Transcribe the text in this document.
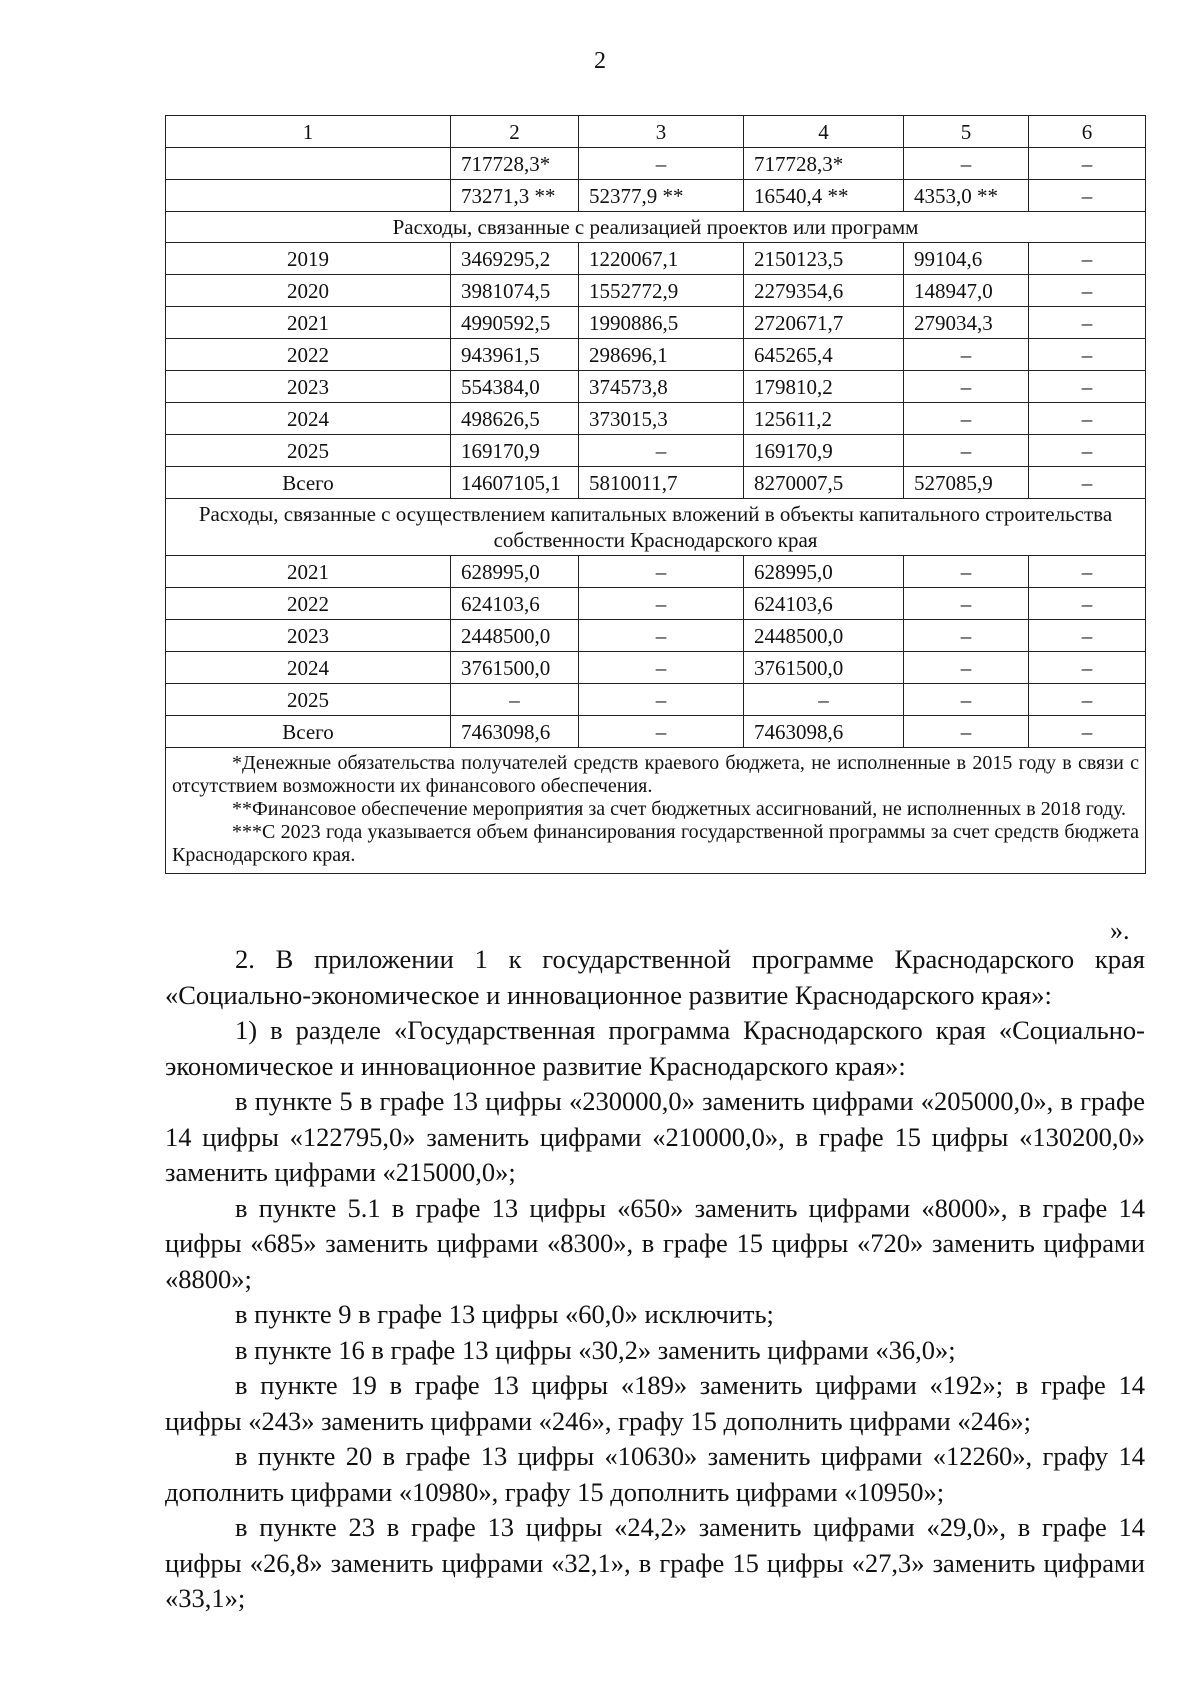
2
1	2	3	4	5	6
	717728,3*	–	717728,3*	–	–
	73271,3 **	52377,9 **	16540,4 **	4353,0 **	–
Расходы, связанные с реализацией проектов или программ					
2019	3469295,2	1220067,1	2150123,5	99104,6	–
2020	3981074,5	1552772,9	2279354,6	148947,0	–
2021	4990592,5	1990886,5	2720671,7	279034,3	–
2022	943961,5	298696,1	645265,4	–	–
2023	554384,0	374573,8	179810,2	–	–
2024	498626,5	373015,3	125611,2	–	–
2025	169170,9	–	169170,9	–	–
Всего	14607105,1	5810011,7	8270007,5	527085,9	–
Расходы, связанные с осуществлением капитальных вложений в объекты капитального строительства собственности Краснодарского края					
2021	628995,0	–	628995,0	–	–
2022	624103,6	–	624103,6	–	–
2023	2448500,0	–	2448500,0	–	–
2024	3761500,0	–	3761500,0	–	–
2025	–	–	–	–	–
Всего	7463098,6	–	7463098,6	–	–

*Денежные обязательства получателей средств краевого бюджета, не исполненные в 2015 году в связи с отсутствием возможности их финансового обеспечения.

**Финансовое обеспечение мероприятия за счет бюджетных ассигнований, не исполненных в 2018 году.

***С 2023 года указывается объем финансирования государственной программы за счет средств бюджета Краснодарского края.					

».

2. В приложении 1 к государственной программе Краснодарского края «Социально-экономическое и инновационное развитие Краснодарского края»:

1) в разделе «Государственная программа Краснодарского края «Социально-экономическое и инновационное развитие Краснодарского края»:

в пункте 5 в графе 13 цифры «230000,0» заменить цифрами «205000,0», в графе 14 цифры «122795,0» заменить цифрами «210000,0», в графе 15 цифры «130200,0» заменить цифрами «215000,0»;

в пункте 5.1 в графе 13 цифры «650» заменить цифрами «8000», в графе 14 цифры «685» заменить цифрами «8300», в графе 15 цифры «720» заменить цифрами «8800»;

в пункте 9 в графе 13 цифры «60,0» исключить;

в пункте 16 в графе 13 цифры «30,2» заменить цифрами «36,0»;

в пункте 19 в графе 13 цифры «189» заменить цифрами «192»; в графе 14 цифры «243» заменить цифрами «246», графу 15 дополнить цифрами «246»;

в пункте 20 в графе 13 цифры «10630» заменить цифрами «12260», графу 14 дополнить цифрами «10980», графу 15 дополнить цифрами «10950»;

в пункте 23 в графе 13 цифры «24,2» заменить цифрами «29,0», в графе 14 цифры «26,8» заменить цифрами «32,1», в графе 15 цифры «27,3» заменить цифрами «33,1»;
